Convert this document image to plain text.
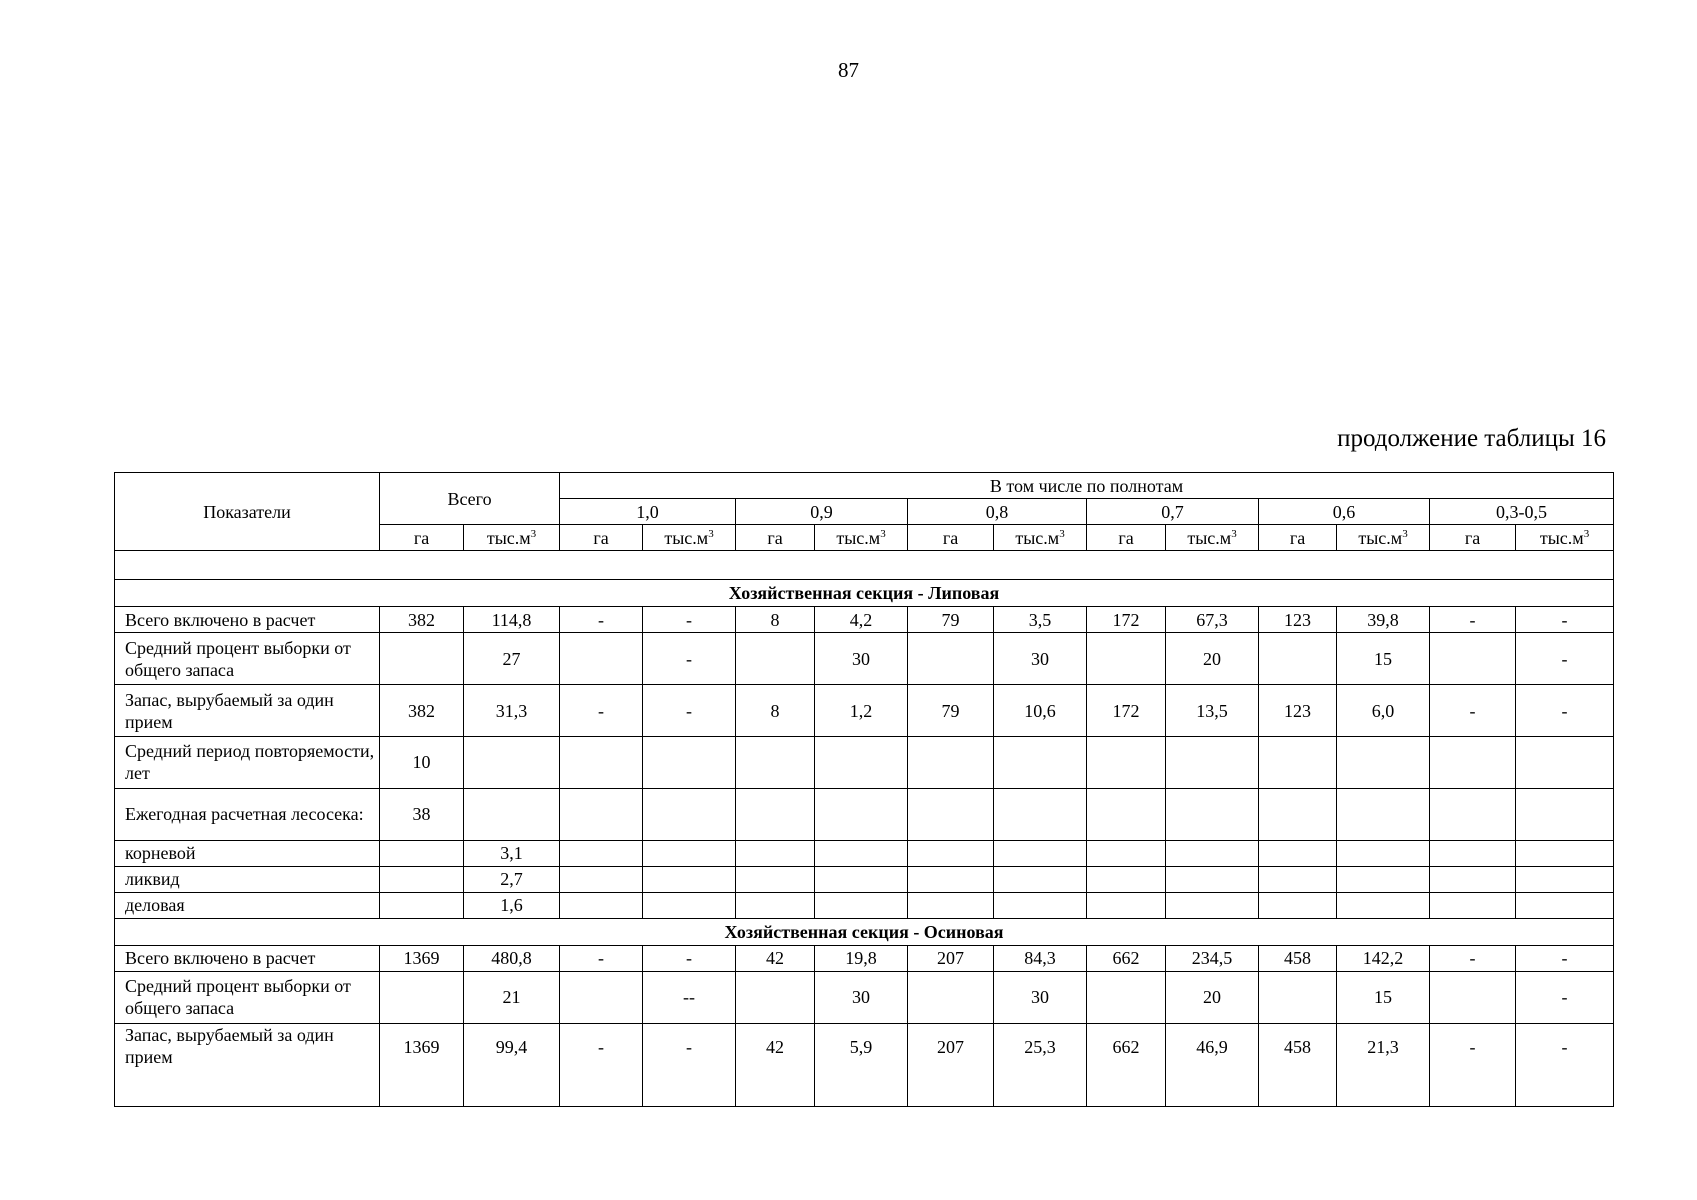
87
продолжение таблицы 16
Показатели	Всего		В том числе по полнотам											
			1,0		0,9		0,8		0,7		0,6		0,3-0,5	
	га	$тыс.м^3$	га	$тыс.м^3$	га	$тыс.м^3$	га	$тыс.м^3$	га	$тыс.м^3$	га	$тыс.м^3$	га	$тыс.м^3$

Хозяйственная секция - Липовая														
Всего включено в расчет	382	114,8	-	-	8	4,2	79	3,5	172	67,3	123	39,8	-	-
Средний процент выборки от общего запаса		27		-		30		30		20		15		-
Запас, вырубаемый за один прием	382	31,3	-	-	8	1,2	79	10,6	172	13,5	123	6,0	-	-
Средний период повторяемости, лет	10													
Ежегодная расчетная лесосека:	38													
корневой		3,1												
ликвид		2,7												
деловая		1,6												
Хозяйственная секция - Осиновая														
Всего включено в расчет	1369	480,8	-	-	42	19,8	207	84,3	662	234,5	458	142,2	-	-
Средний процент выборки от общего запаса		21		--		30		30		20		15		-
Запас, вырубаемый за один прием	1369	99,4	-	-	42	5,9	207	25,3	662	46,9	458	21,3	-	-
